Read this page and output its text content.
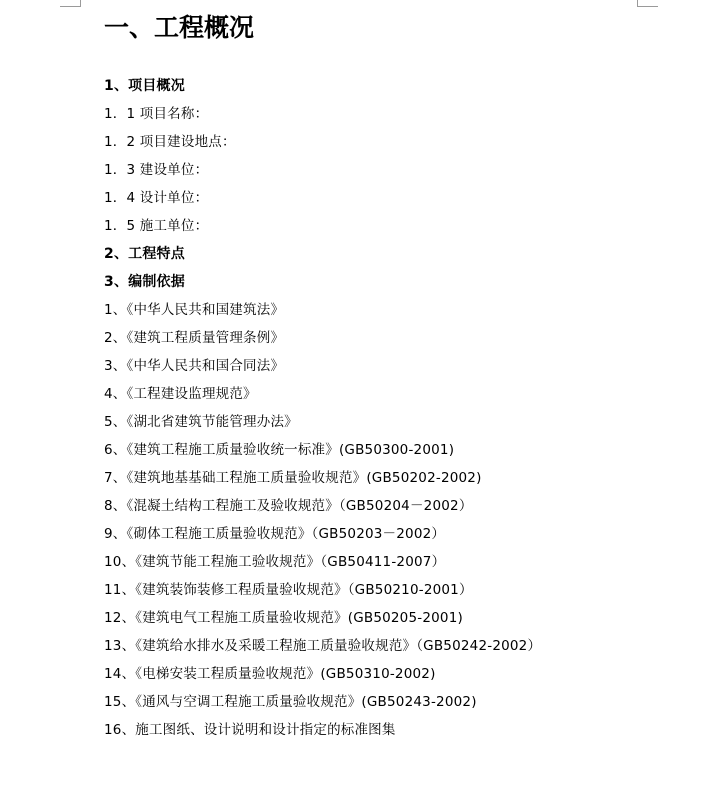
一、工程概况
1、项目概况
1．1 项目名称：
1．2 项目建设地点：
1．3 建设单位：
1．4 设计单位：
1．5 施工单位：
2、工程特点
3、编制依据
1、《中华人民共和国建筑法》
2、《建筑工程质量管理条例》
3、《中华人民共和国合同法》
4、《工程建设监理规范》
5、《湖北省建筑节能管理办法》
6、《建筑工程施工质量验收统一标准》(GB50300-2001)
7、《建筑地基基础工程施工质量验收规范》(GB50202-2002)
8、《混凝土结构工程施工及验收规范》（GB50204－2002）
9、《砌体工程施工质量验收规范》（GB50203－2002）
10、《建筑节能工程施工验收规范》（GB50411-2007）
11、《建筑装饰装修工程质量验收规范》（GB50210-2001）
12、《建筑电气工程施工质量验收规范》(GB50205-2001)
13、《建筑给水排水及采暖工程施工质量验收规范》（GB50242-2002）
14、《电梯安装工程质量验收规范》(GB50310-2002)
15、《通风与空调工程施工质量验收规范》(GB50243-2002)
16、施工图纸、设计说明和设计指定的标准图集
